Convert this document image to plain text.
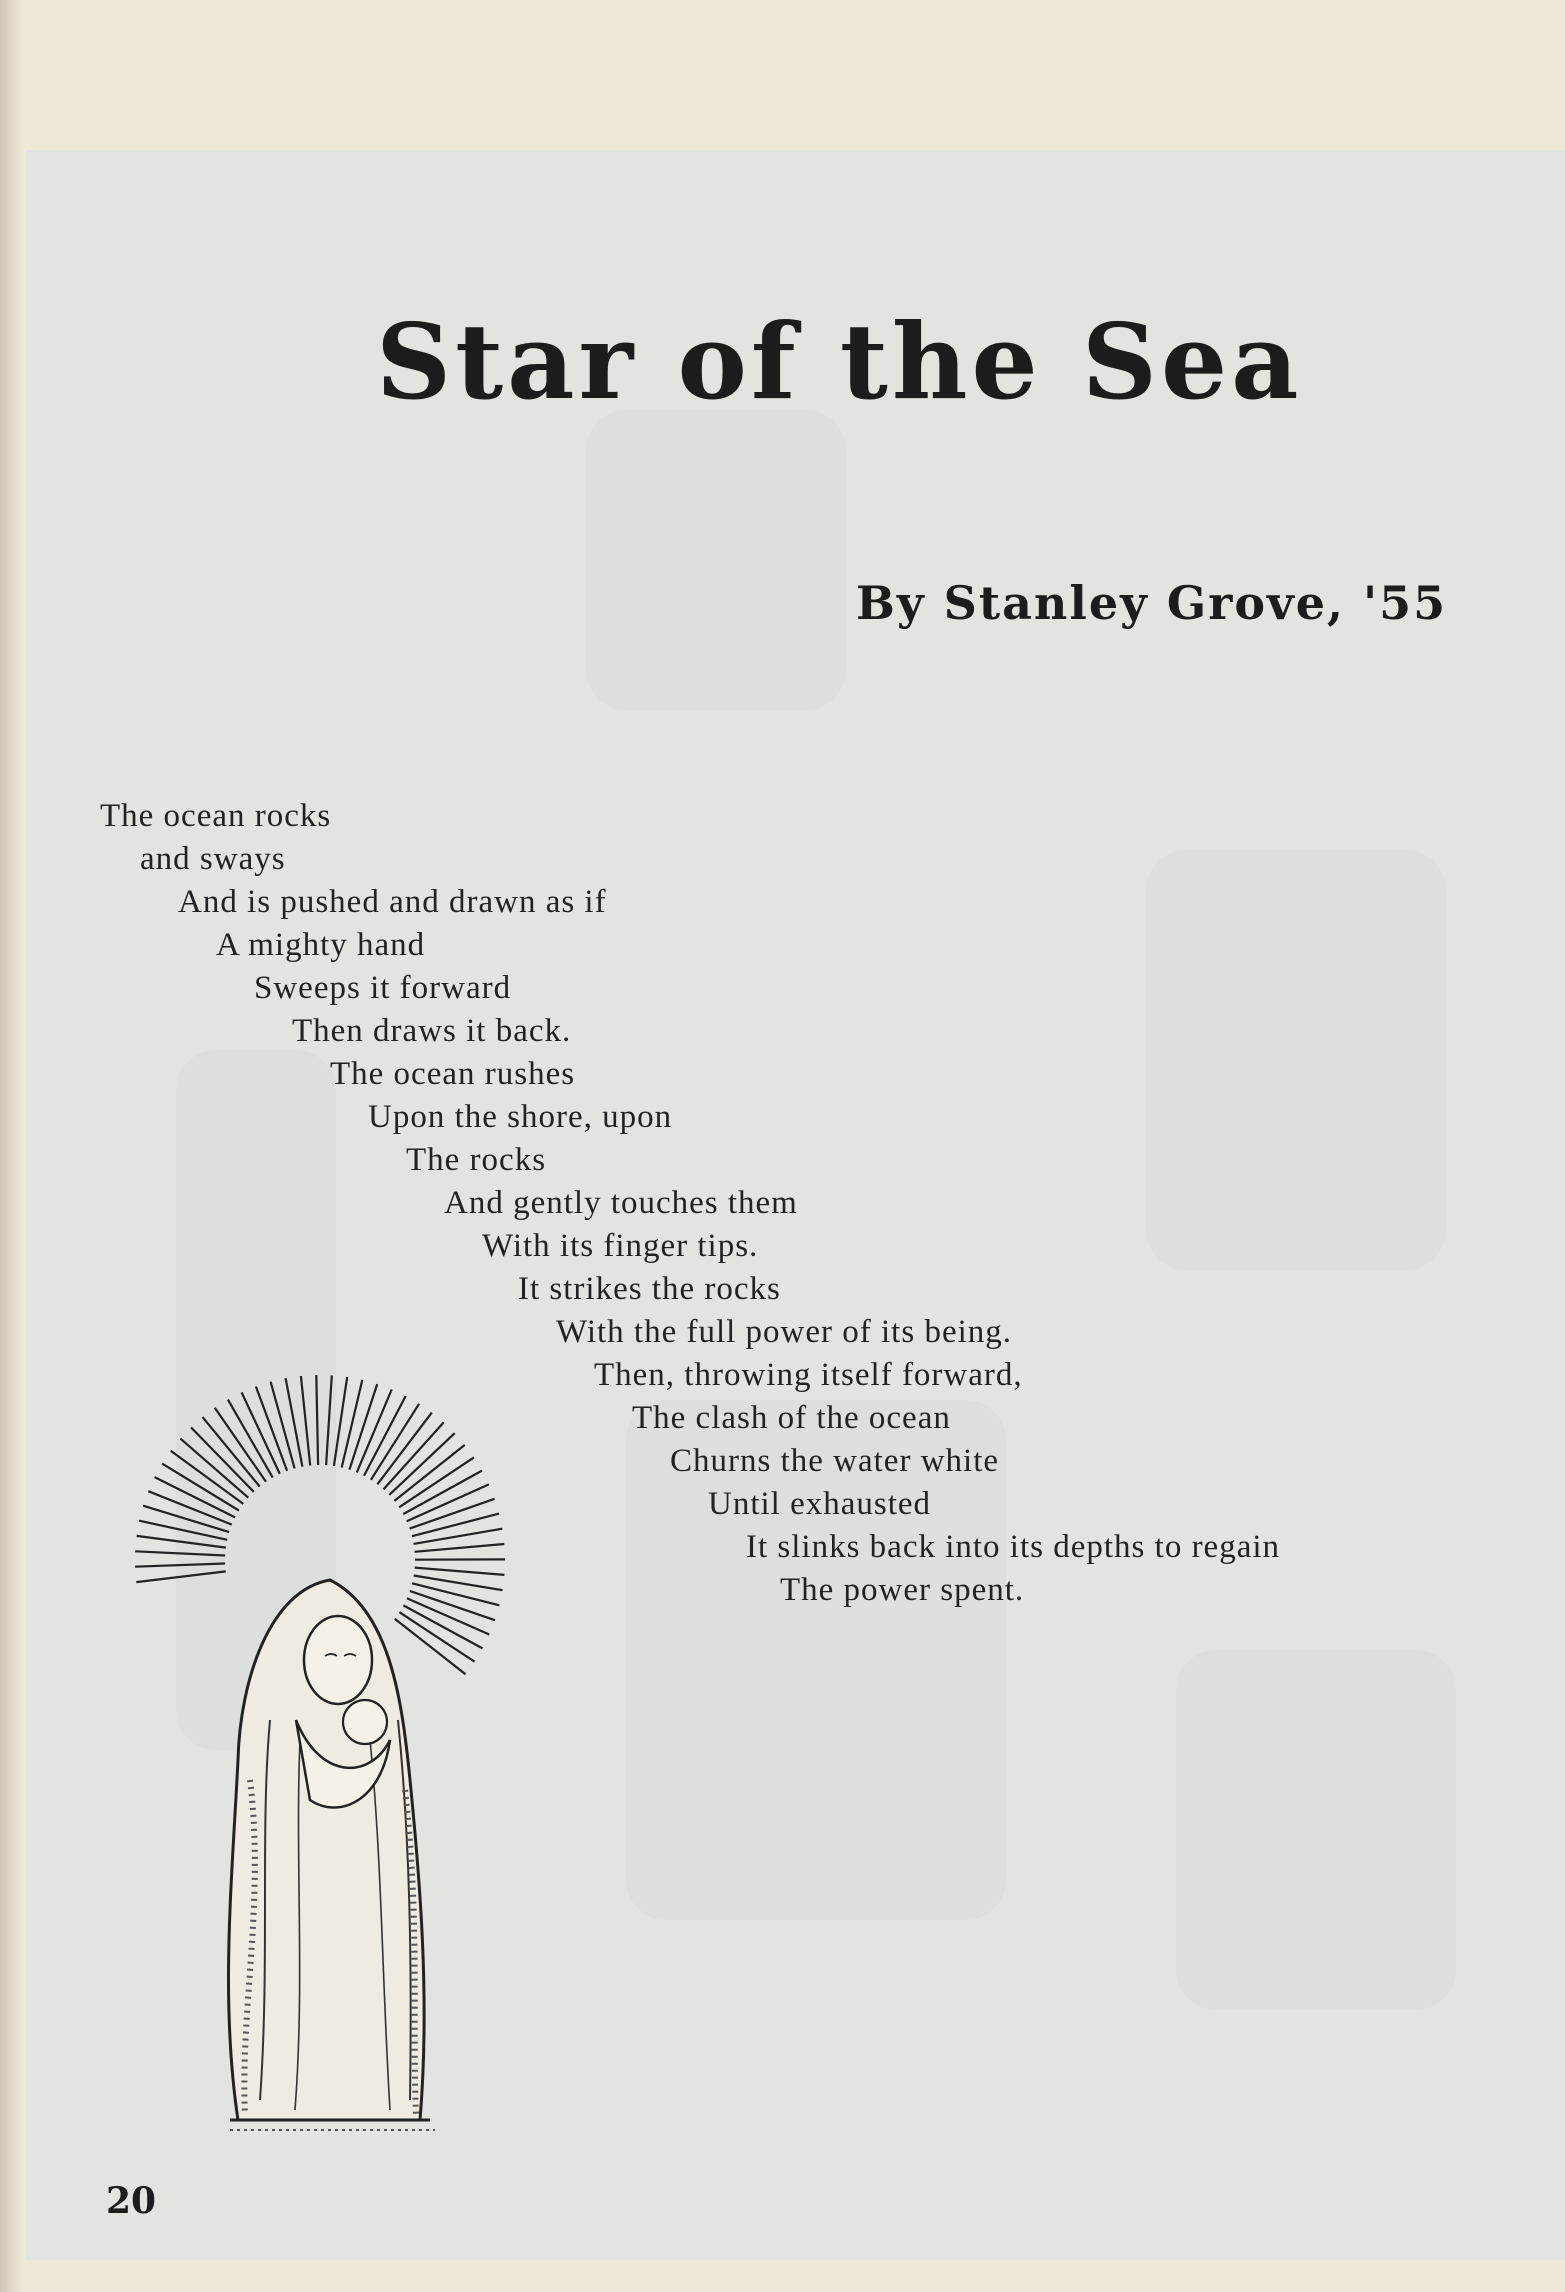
Star of the Sea
By Stanley Grove, '55

The ocean rocks

and sways

And is pushed and drawn as if

A mighty hand

Sweeps it forward

Then draws it back.

The ocean rushes

Upon the shore, upon

The rocks

And gently touches them

With its finger tips.

It strikes the rocks

With the full power of its being.

Then, throwing itself forward,

The clash of the ocean

Churns the water white

Until exhausted

It slinks back into its depths to regain

The power spent.

20
